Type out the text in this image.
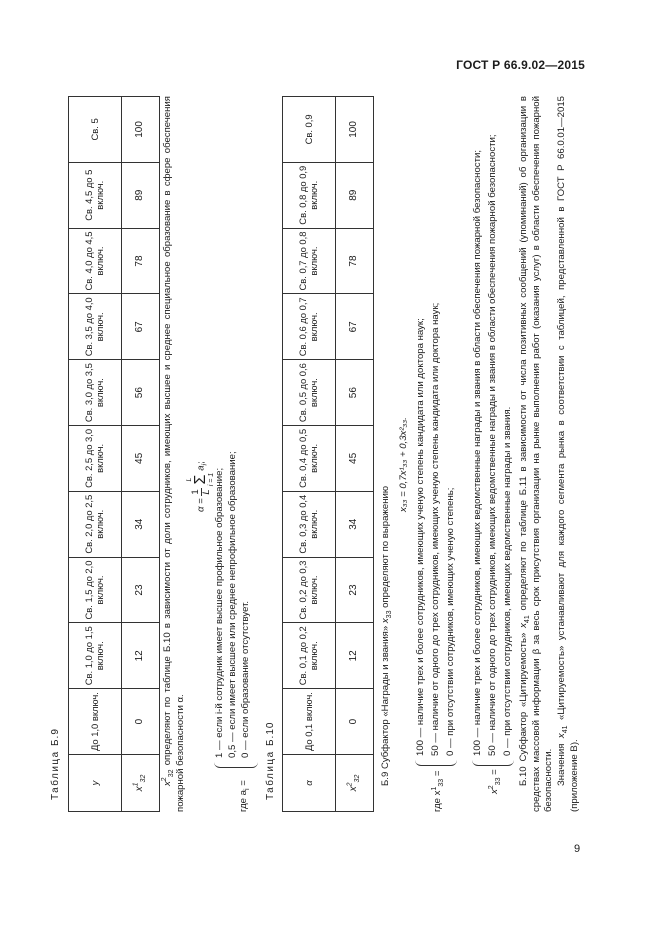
ГОСТ Р 66.9.02—2015
Таблица Б.9
y	До 1,0 включ.	Св. 1,0 до 1,5 включ.	Св. 1,5 до 2,0 включ.	Св. 2,0 до 2,5 включ.	Св. 2,5 до 3,0 включ.	Св. 3,0 до 3,5 включ.	Св. 3,5 до 4,0 включ.	Св. 4,0 до 4,5 включ.	Св. 4,5 до 5 включ.	Св. 5
$x^1_{32}$	0	12	23	34	45	56	67	78	89	100
$x^2_{32}$ определяют по таблице Б.10 в зависимости от доли сотрудников, имеющих высшее и среднее специальное образование в сфере обеспечения пожарной безопасности α.
α =
1 L
L Σ i = 1
$a_i$;
где $a_i$ =
1 — если i-й сотрудник имеет высшее профильное образование; 0,5 — если имеет высшее или среднее непрофильное образование; 0 — если образование отсутствует.
Таблица Б.10
α	До 0,1 включ.	Св. 0,1 до 0,2 включ.	Св. 0,2 до 0,3 включ.	Св. 0,3 до 0,4 включ.	Св. 0,4 до 0,5 включ.	Св. 0,5 до 0,6 включ.	Св. 0,6 до 0,7 включ.	Св. 0,7 до 0,8 включ.	Св. 0,8 до 0,9 включ.	Св. 0,9
$x^2_{32}$	0	12	23	34	45	56	67	78	89	100
Б.9 Субфактор «Награды и звания» $x_{33}$ определяют по выражению
x₃₃ = 0,7x¹₃₃ + 0,3x²₃₃.
где $x^1_{33}$ =
100 — наличие трех и более сотрудников, имеющих ученую степень кандидата или доктора наук; 50 — наличие от одного до трех сотрудников, имеющих ученую степень кандидата или доктора наук; 0 — при отсутствии сотрудников, имеющих ученую степень;
$x^2_{33}$ =
100 — наличие трех и более сотрудников, имеющих ведомственные награды и звания в области обеспечения пожарной безопасности; 50 — наличие от одного до трех сотрудников, имеющих ведомственные награды и звания в области обеспечения пожарной безопасности; 0 — при отсутствии сотрудников, имеющих ведомственные награды и звания. Б.10 Субфактор «Цитируемость» $x_{41}$ определяют по таблице Б.11 в зависимости от числа позитивных сообщений (упоминаний) об организации в средствах массовой информации β за весь срок присутствия организации на рынке выполнения работ (оказания услуг) в области обеспечения пожарной безопасности. Значения $x_{41}$ «Цитируемость» устанавливают для каждого сегмента рынка в соответствии с таблицей, представленной в ГОСТ Р 66.0.01—2015 (приложение В).
9
